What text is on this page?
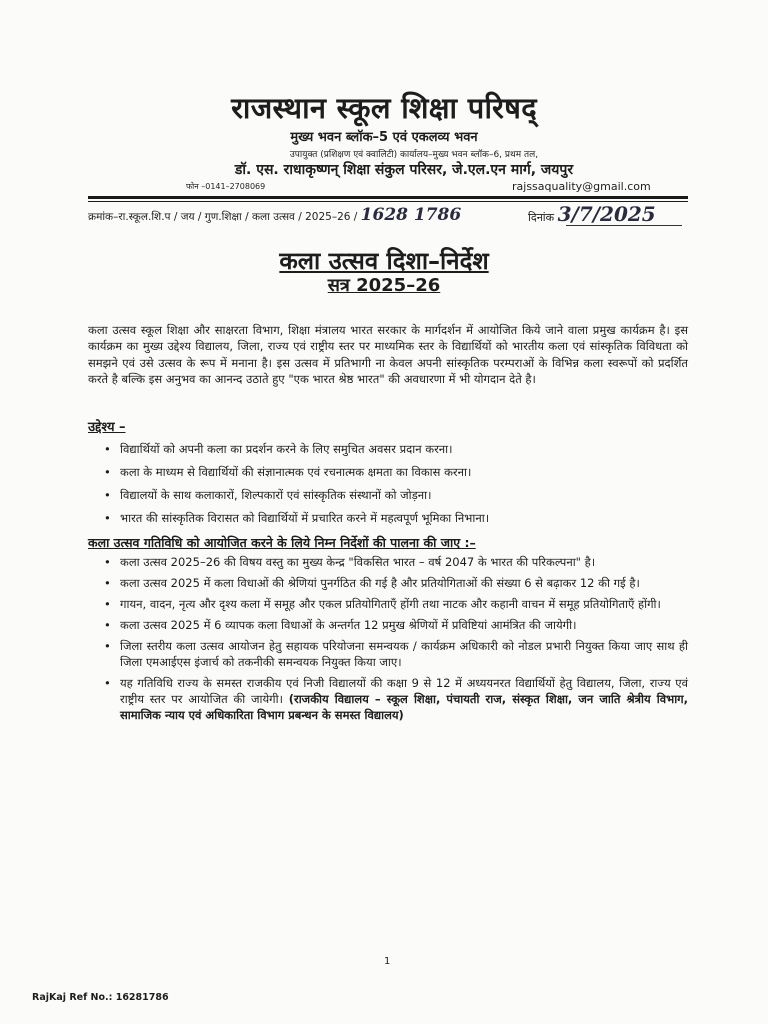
राजस्थान स्कूल शिक्षा परिषद्
मुख्य भवन ब्लॉक–5 एवं एकलव्य भवन
उपायुक्त (प्रशिक्षण एवं क्वालिटी) कार्यालय–मुख्य भवन ब्लॉक–6, प्रथम तल,
डॉ. एस. राधाकृष्णन् शिक्षा संकुल परिसर, जे.एल.एन मार्ग, जयपुर
फोन –0141–2708069	rajssaquality@gmail.com
क्रमांक–रा.स्कूल.शि.प / जय / गुण.शिक्षा / कला उत्सव / 2025–26 / 1628 1786	दिनांक 3/7/2025
कला उत्सव दिशा–निर्देश
सत्र 2025–26
कला उत्सव स्कूल शिक्षा और साक्षरता विभाग, शिक्षा मंत्रालय भारत सरकार के मार्गदर्शन में आयोजित किये जाने वाला प्रमुख कार्यक्रम है। इस कार्यक्रम का मुख्य उद्देश्य विद्यालय, जिला, राज्य एवं राष्ट्रीय स्तर पर माध्यमिक स्तर के विद्यार्थियों को भारतीय कला एवं सांस्कृतिक विविधता को समझने एवं उसे उत्सव के रूप में मनाना है। इस उत्सव में प्रतिभागी ना केवल अपनी सांस्कृतिक परम्पराओं के विभिन्न कला स्वरूपों को प्रदर्शित करते है बल्कि इस अनुभव का आनन्द उठाते हुए "एक भारत श्रेष्ठ भारत" की अवधारणा में भी योगदान देते है।
उद्देश्य –
• विद्यार्थियों को अपनी कला का प्रदर्शन करने के लिए समुचित अवसर प्रदान करना।
• कला के माध्यम से विद्यार्थियों की संज्ञानात्मक एवं रचनात्मक क्षमता का विकास करना।
• विद्यालयों के साथ कलाकारों, शिल्पकारों एवं सांस्कृतिक संस्थानों को जोड़ना।
• भारत की सांस्कृतिक विरासत को विद्यार्थियों में प्रचारित करने में महत्वपूर्ण भूमिका निभाना।
कला उत्सव गतिविधि को आयोजित करने के लिये निम्न निर्देशों की पालना की जाए :–
• कला उत्सव 2025–26 की विषय वस्तु का मुख्य केन्द्र "विकसित भारत – वर्ष 2047 के भारत की परिकल्पना" है।
• कला उत्सव 2025 में कला विधाओं की श्रेणियां पुनर्गठित की गई है और प्रतियोगिताओं की संख्या 6 से बढ़ाकर 12 की गई है।
• गायन, वादन, नृत्य और दृश्य कला में समूह और एकल प्रतियोगिताएँ होंगी तथा नाटक और कहानी वाचन में समूह प्रतियोगिताएँ होंगी।
• कला उत्सव 2025 में 6 व्यापक कला विधाओं के अन्तर्गत 12 प्रमुख श्रेणियों में प्रविष्टियां आमंत्रित की जायेगी।
• जिला स्तरीय कला उत्सव आयोजन हेतु सहायक परियोजना समन्वयक / कार्यक्रम अधिकारी को नोडल प्रभारी नियुक्त किया जाए साथ ही जिला एमआईएस इंजार्च को तकनीकी समन्वयक नियुक्त किया जाए।
• यह गतिविधि राज्य के समस्त राजकीय एवं निजी विद्यालयों की कक्षा 9 से 12 में अध्ययनरत विद्यार्थियों हेतु विद्यालय, जिला, राज्य एवं राष्ट्रीय स्तर पर आयोजित की जायेगी। (राजकीय विद्यालय – स्कूल शिक्षा, पंचायती राज, संस्कृत शिक्षा, जन जाति श्रेत्रीय विभाग, सामाजिक न्याय एवं अधिकारिता विभाग प्रबन्धन के समस्त विद्यालय)
1
RajKaj Ref No.: 16281786
